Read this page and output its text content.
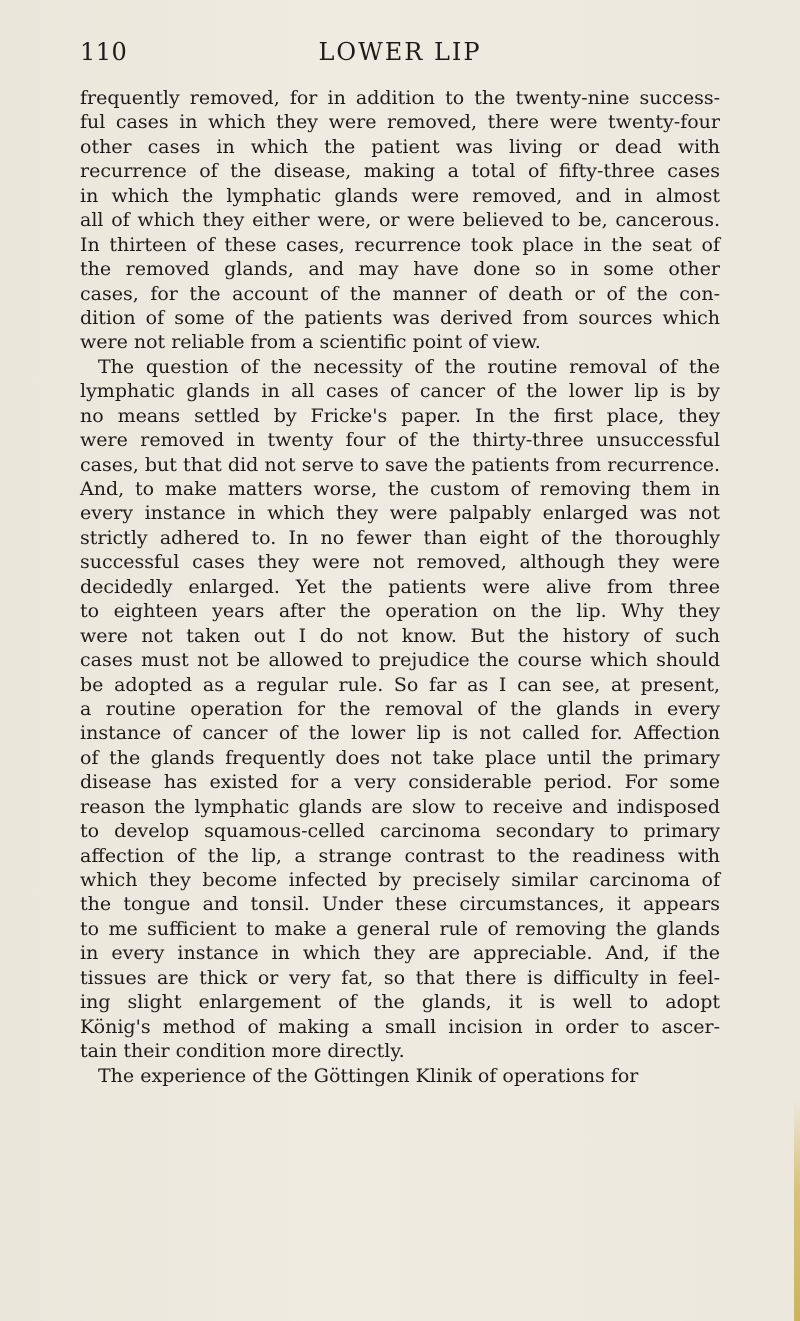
110	LOWER LIP
frequently removed, for in addition to the twenty-nine success-
ful cases in which they were removed, there were twenty-four
other cases in which the patient was living or dead with
recurrence of the disease, making a total of fifty-three cases
in which the lymphatic glands were removed, and in almost
all of which they either were, or were believed to be, cancerous.
In thirteen of these cases, recurrence took place in the seat of
the removed glands, and may have done so in some other
cases, for the account of the manner of death or of the con-
dition of some of the patients was derived from sources which
were not reliable from a scientific point of view.
The question of the necessity of the routine removal of the
lymphatic glands in all cases of cancer of the lower lip is by
no means settled by Fricke's paper. In the first place, they
were removed in twenty four of the thirty-three unsuccessful
cases, but that did not serve to save the patients from recurrence.
And, to make matters worse, the custom of removing them in
every instance in which they were palpably enlarged was not
strictly adhered to. In no fewer than eight of the thoroughly
successful cases they were not removed, although they were
decidedly enlarged. Yet the patients were alive from three
to eighteen years after the operation on the lip. Why they
were not taken out I do not know. But the history of such
cases must not be allowed to prejudice the course which should
be adopted as a regular rule. So far as I can see, at present,
a routine operation for the removal of the glands in every
instance of cancer of the lower lip is not called for. Affection
of the glands frequently does not take place until the primary
disease has existed for a very considerable period. For some
reason the lymphatic glands are slow to receive and indisposed
to develop squamous-celled carcinoma secondary to primary
affection of the lip, a strange contrast to the readiness with
which they become infected by precisely similar carcinoma of
the tongue and tonsil. Under these circumstances, it appears
to me sufficient to make a general rule of removing the glands
in every instance in which they are appreciable. And, if the
tissues are thick or very fat, so that there is difficulty in feel-
ing slight enlargement of the glands, it is well to adopt
König's method of making a small incision in order to ascer-
tain their condition more directly.
The experience of the Göttingen Klinik of operations for
